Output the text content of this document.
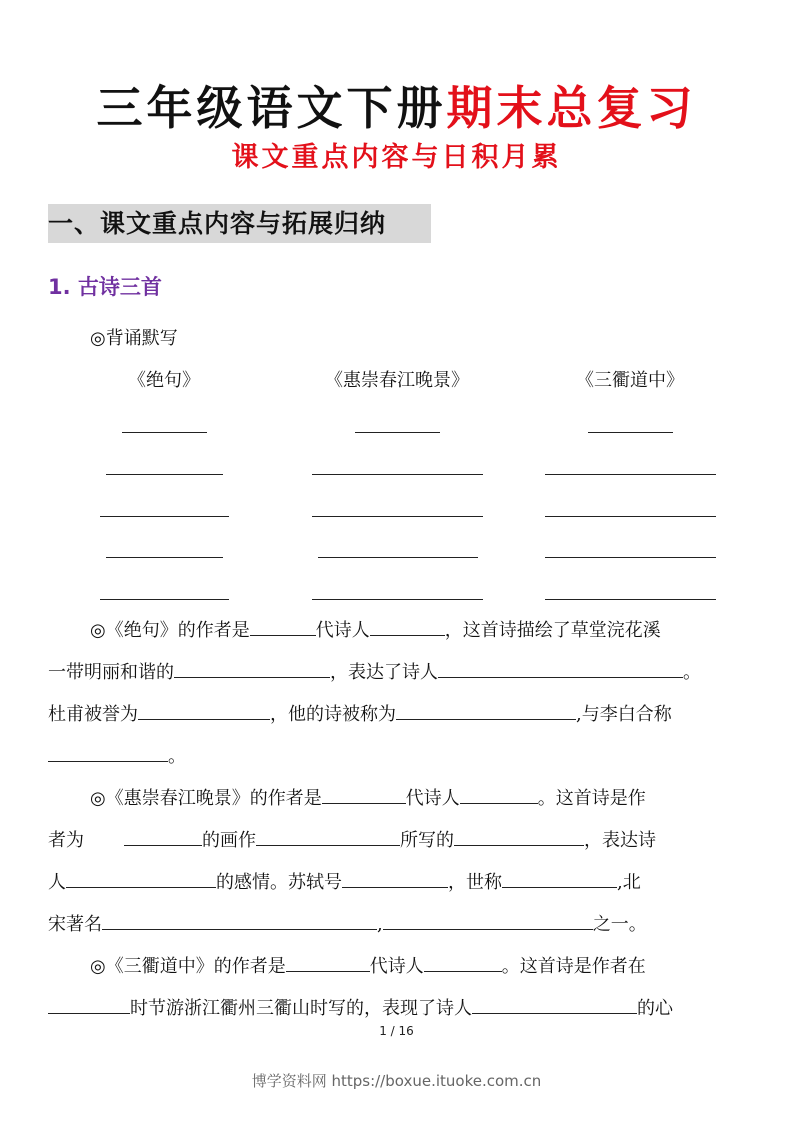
三年级语文下册期末总复习
课文重点内容与日积月累
一、课文重点内容与拓展归纳
1. 古诗三首
◎背诵默写
《绝句》	《惠崇春江晚景》	《三衢道中》
◎《绝句》的作者是	代诗人	，这首诗描绘了草堂浣花溪
一带明丽和谐的	，表达了诗人	。
杜甫被誉为	，他的诗被称为	,与李白合称
。
◎《惠崇春江晚景》的作者是	代诗人	。这首诗是作
者为	的画作	所写的	，表达诗
人	的感情。苏轼号	，世称	,北
宋著名	,	之一。
◎《三衢道中》的作者是	代诗人	。这首诗是作者在
时节游浙江衢州三衢山时写的，表现了诗人	的心
1 / 16
博学资料网 https://boxue.ituoke.com.cn
